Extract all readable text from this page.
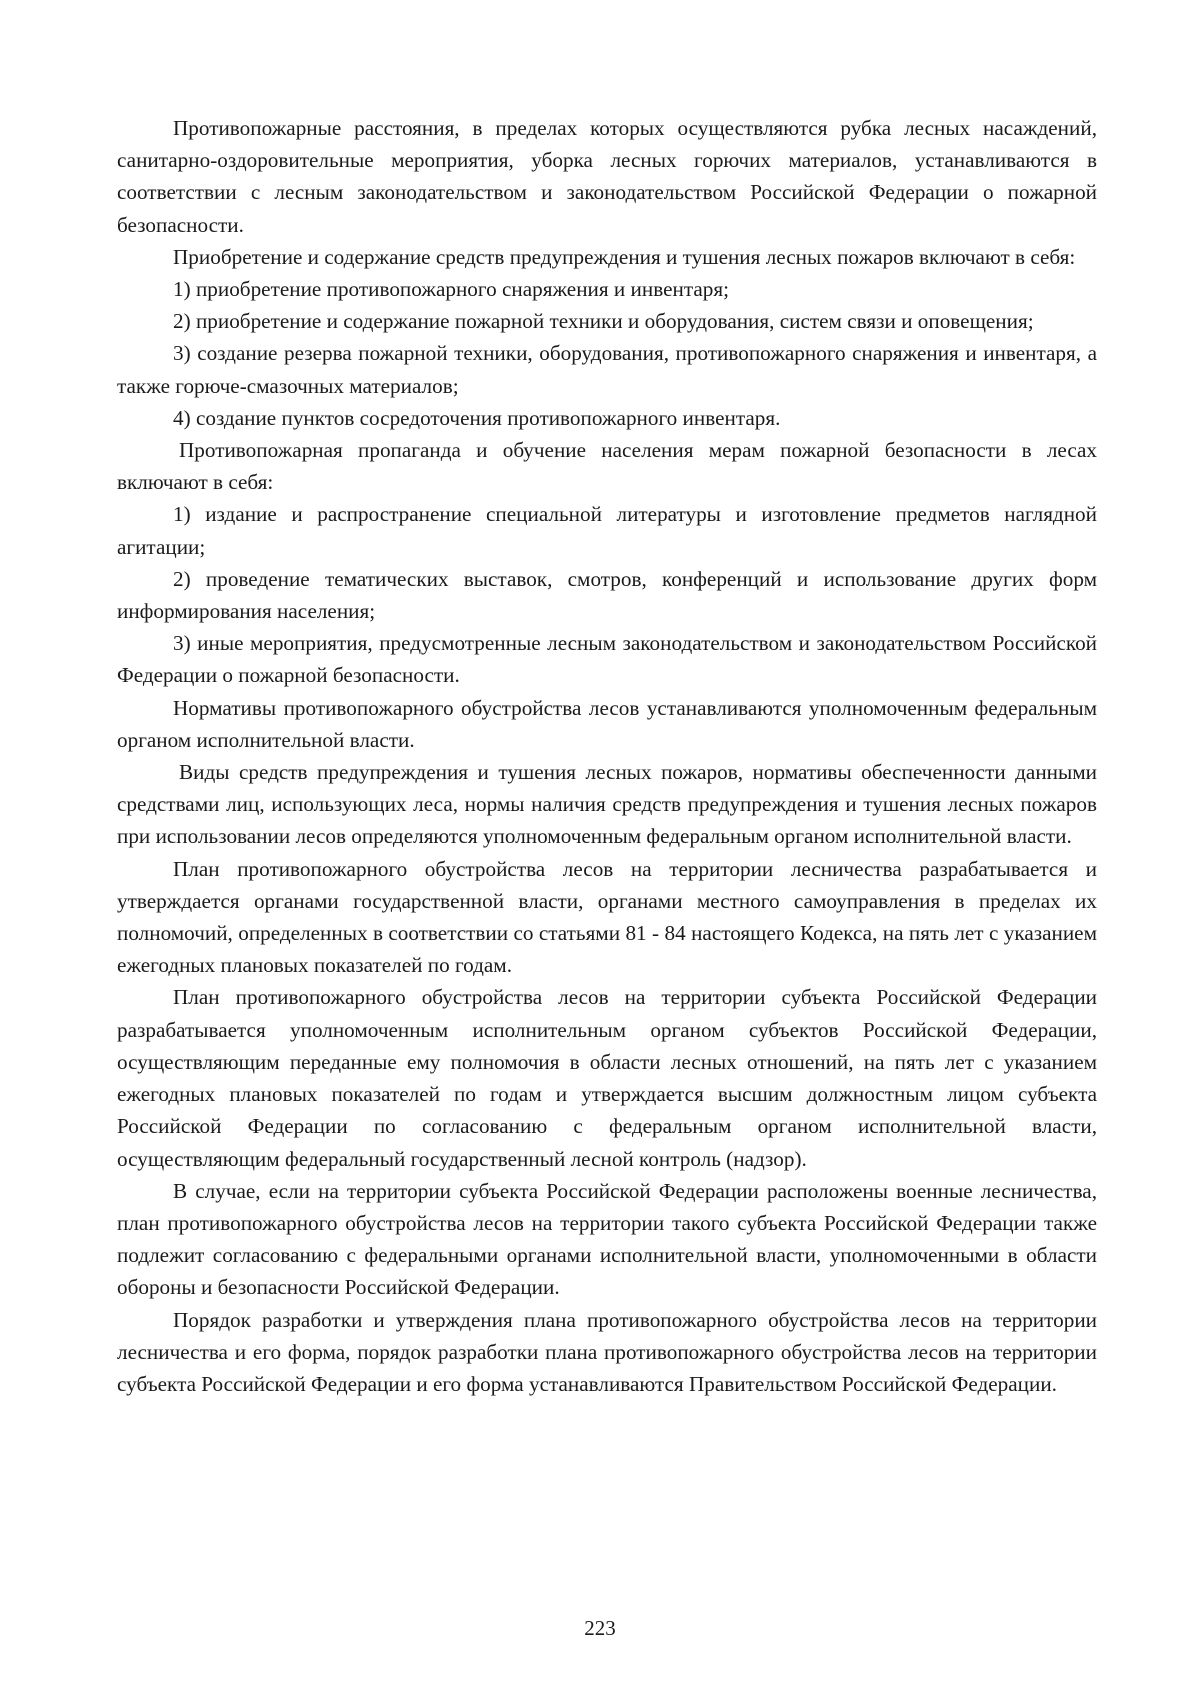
Противопожарные расстояния, в пределах которых осуществляются рубка лесных насаждений, санитарно-оздоровительные мероприятия, уборка лесных горючих материалов, устанавливаются в соответствии с лесным законодательством и законодательством Российской Федерации о пожарной безопасности.

Приобретение и содержание средств предупреждения и тушения лесных пожаров включают в себя:

1) приобретение противопожарного снаряжения и инвентаря;

2) приобретение и содержание пожарной техники и оборудования, систем связи и оповещения;

3) создание резерва пожарной техники, оборудования, противопожарного снаряжения и инвентаря, а также горюче-смазочных материалов;

4) создание пунктов сосредоточения противопожарного инвентаря.

Противопожарная пропаганда и обучение населения мерам пожарной безопасности в лесах включают в себя:

1) издание и распространение специальной литературы и изготовление предметов наглядной агитации;

2) проведение тематических выставок, смотров, конференций и использование других форм информирования населения;

3) иные мероприятия, предусмотренные лесным законодательством и законодательством Российской Федерации о пожарной безопасности.

Нормативы противопожарного обустройства лесов устанавливаются уполномоченным федеральным органом исполнительной власти.

Виды средств предупреждения и тушения лесных пожаров, нормативы обеспеченности данными средствами лиц, использующих леса, нормы наличия средств предупреждения и тушения лесных пожаров при использовании лесов определяются уполномоченным федеральным органом исполнительной власти.

План противопожарного обустройства лесов на территории лесничества разрабатывается и утверждается органами государственной власти, органами местного самоуправления в пределах их полномочий, определенных в соответствии со статьями 81 - 84 настоящего Кодекса, на пять лет с указанием ежегодных плановых показателей по годам.

План противопожарного обустройства лесов на территории субъекта Российской Федерации разрабатывается уполномоченным исполнительным органом субъектов Российской Федерации, осуществляющим переданные ему полномочия в области лесных отношений, на пять лет с указанием ежегодных плановых показателей по годам и утверждается высшим должностным лицом субъекта Российской Федерации по согласованию с федеральным органом исполнительной власти, осуществляющим федеральный государственный лесной контроль (надзор).

В случае, если на территории субъекта Российской Федерации расположены военные лесничества, план противопожарного обустройства лесов на территории такого субъекта Российской Федерации также подлежит согласованию с федеральными органами исполнительной власти, уполномоченными в области обороны и безопасности Российской Федерации.

Порядок разработки и утверждения плана противопожарного обустройства лесов на территории лесничества и его форма, порядок разработки плана противопожарного обустройства лесов на территории субъекта Российской Федерации и его форма устанавливаются Правительством Российской Федерации.

223
